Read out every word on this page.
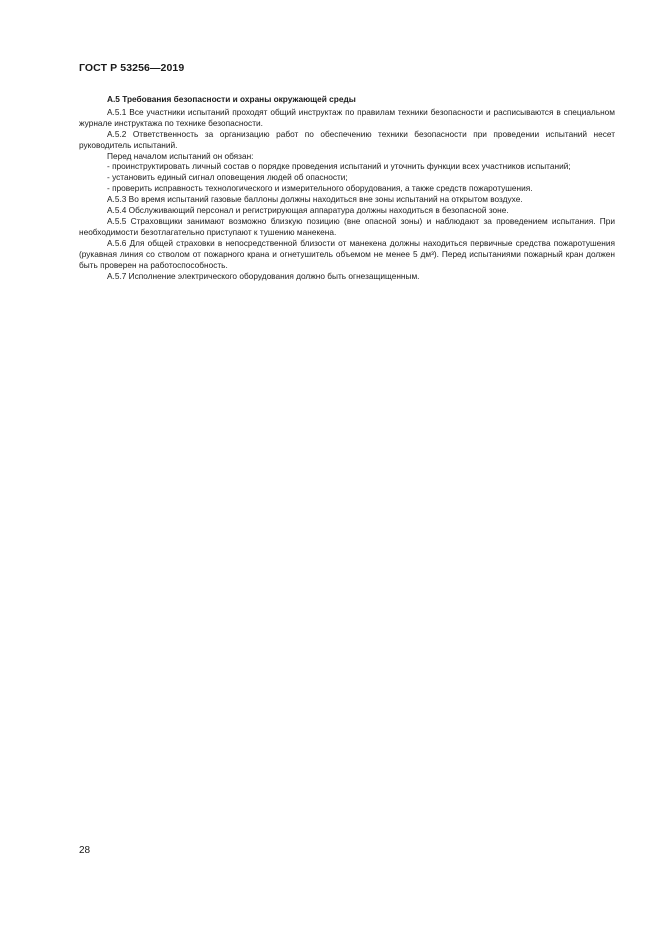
ГОСТ Р 53256—2019
А.5 Требования безопасности и охраны окружающей среды

А.5.1 Все участники испытаний проходят общий инструктаж по правилам техники безопасности и расписываются в специальном журнале инструктажа по технике безопасности.

А.5.2 Ответственность за организацию работ по обеспечению техники безопасности при проведении испытаний несет руководитель испытаний.

Перед началом испытаний он обязан:

- проинструктировать личный состав о порядке проведения испытаний и уточнить функции всех участников испытаний;

- установить единый сигнал оповещения людей об опасности;

- проверить исправность технологического и измерительного оборудования, а также средств пожаротушения.

А.5.3 Во время испытаний газовые баллоны должны находиться вне зоны испытаний на открытом воздухе.

А.5.4 Обслуживающий персонал и регистрирующая аппаратура должны находиться в безопасной зоне.

А.5.5 Страховщики занимают возможно близкую позицию (вне опасной зоны) и наблюдают за проведением испытания. При необходимости безотлагательно приступают к тушению манекена.

А.5.6 Для общей страховки в непосредственной близости от манекена должны находиться первичные средства пожаротушения (рукавная линия со стволом от пожарного крана и огнетушитель объемом не менее 5 дм³). Перед испытаниями пожарный кран должен быть проверен на работоспособность.

А.5.7 Исполнение электрического оборудования должно быть огнезащищенным.

28
